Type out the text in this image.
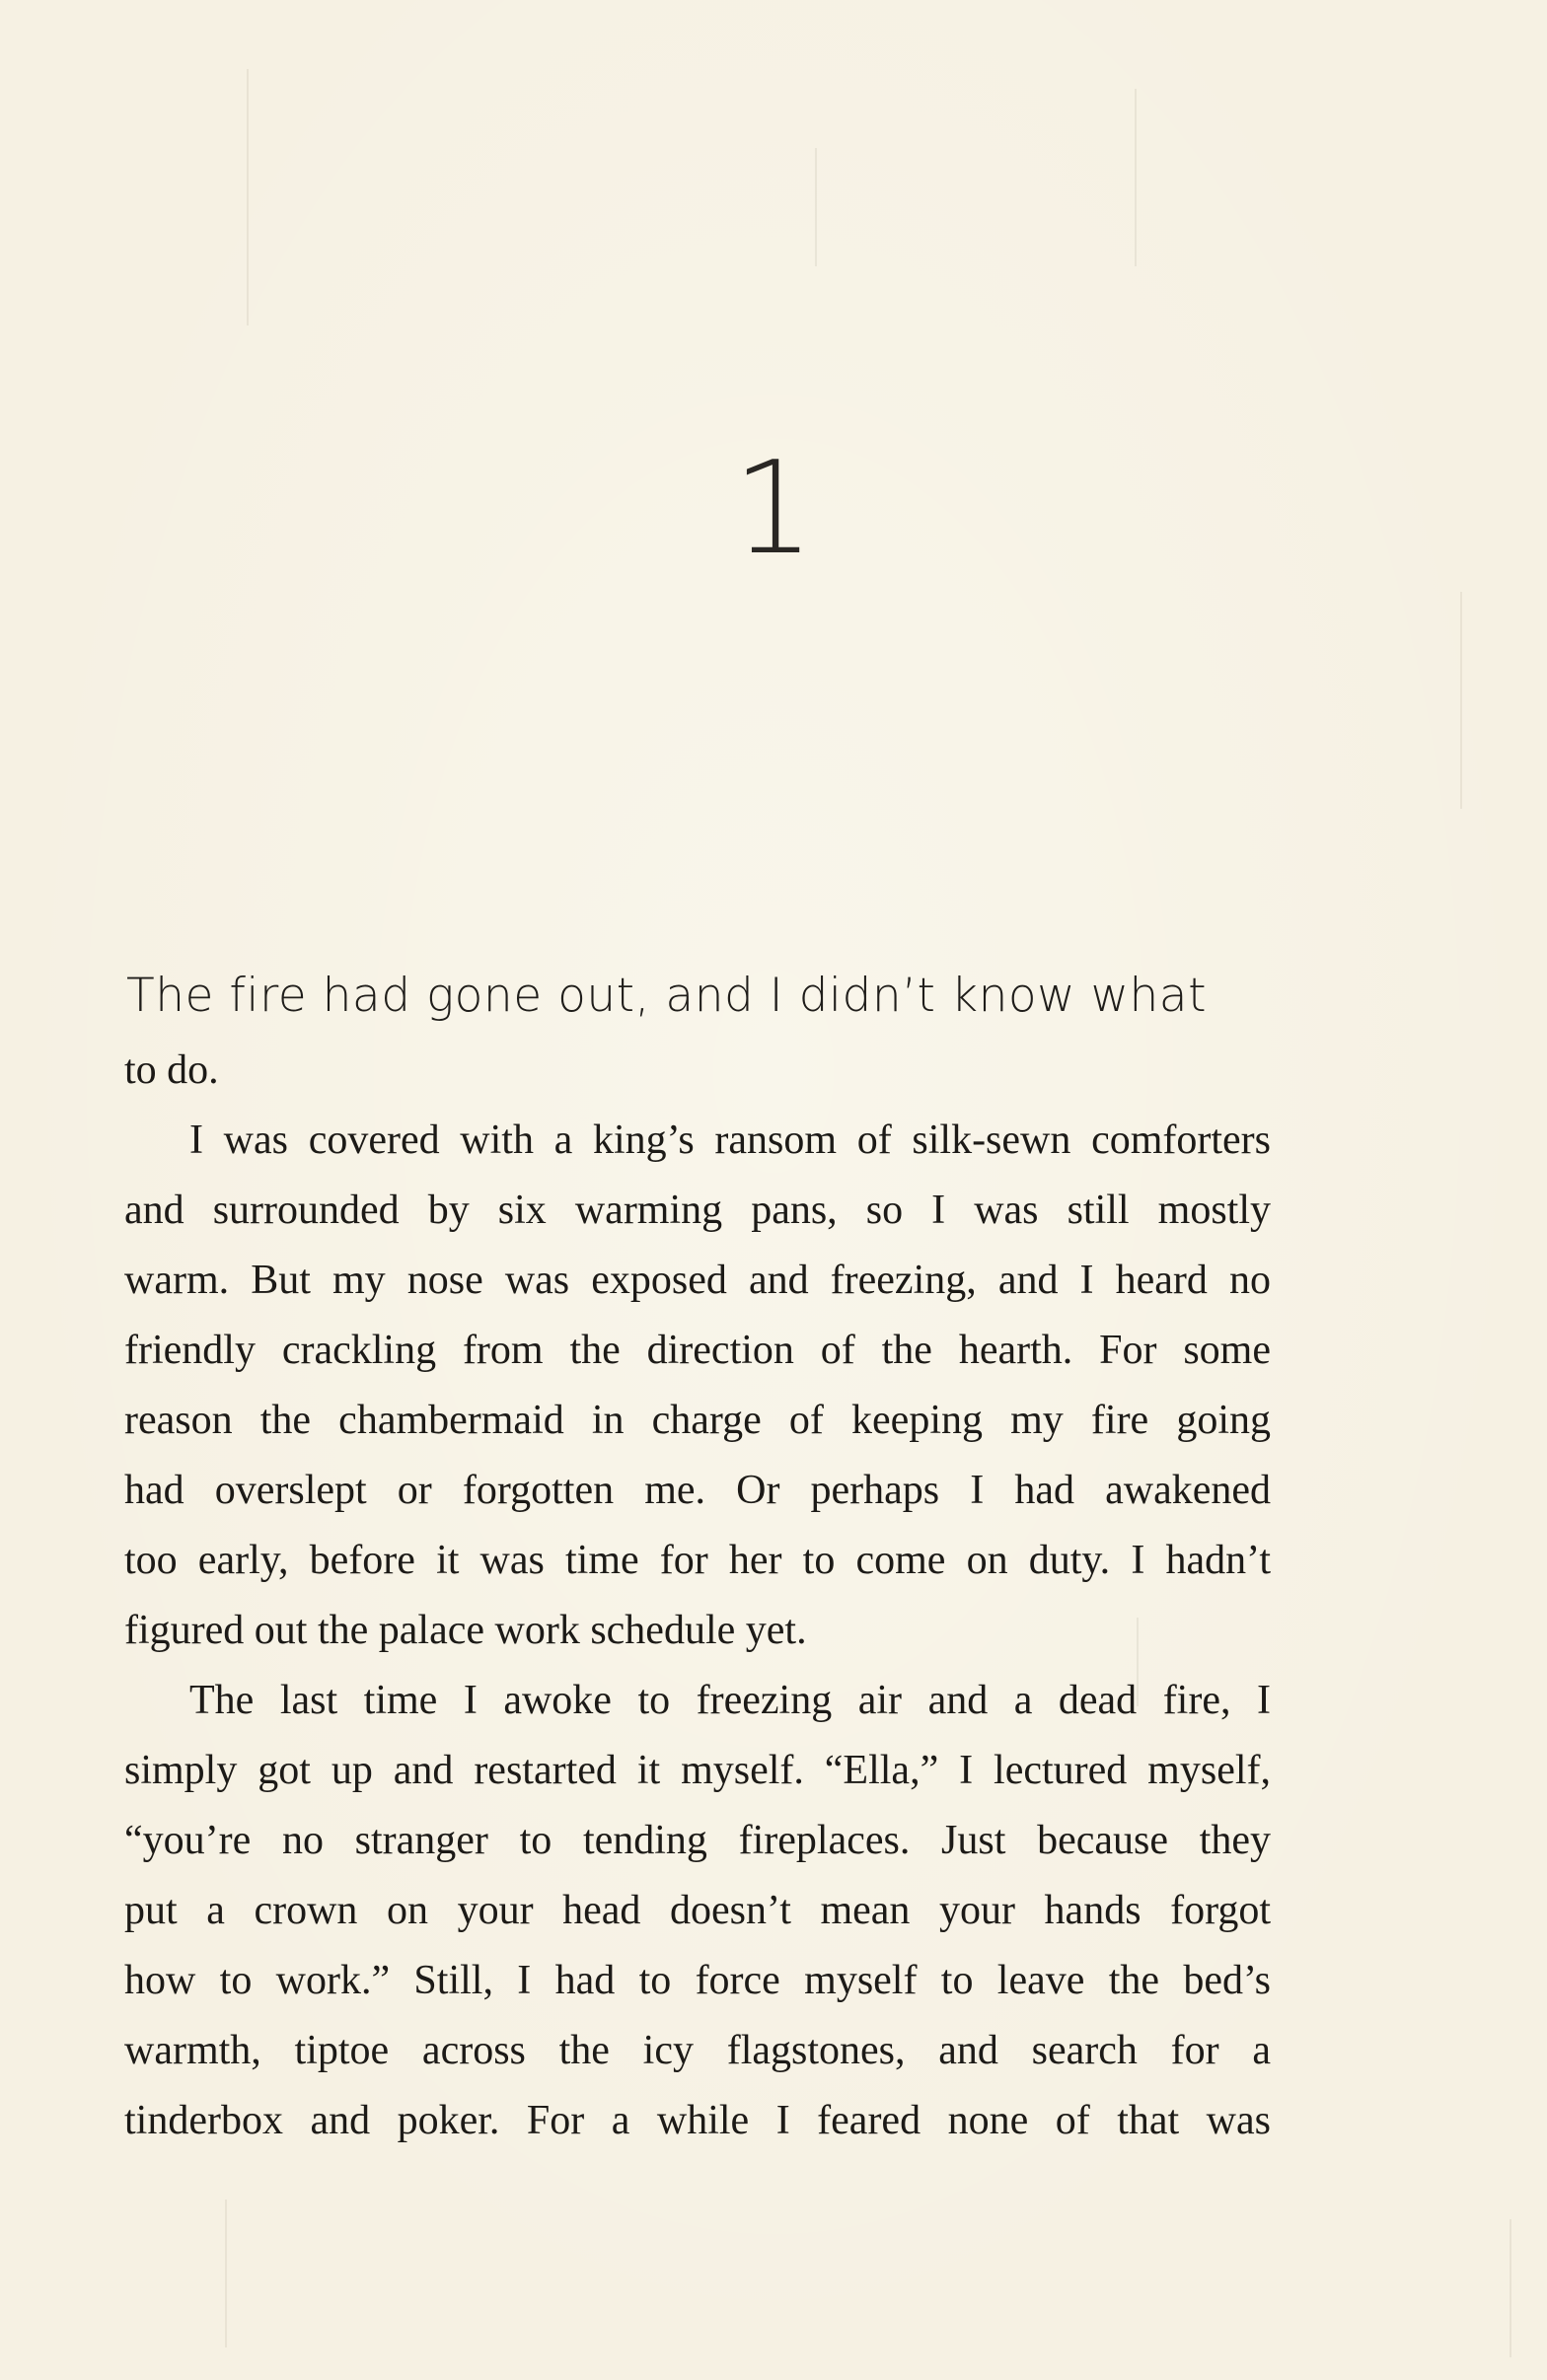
1
The fire had gone out, and I didn’t know what
to do.
I was covered with a king’s ransom of silk-sewn comforters
and surrounded by six warming pans, so I was still mostly
warm. But my nose was exposed and freezing, and I heard no
friendly crackling from the direction of the hearth. For some
reason the chambermaid in charge of keeping my fire going
had overslept or forgotten me. Or perhaps I had awakened
too early, before it was time for her to come on duty. I hadn’t
figured out the palace work schedule yet.
The last time I awoke to freezing air and a dead fire, I
simply got up and restarted it myself. “Ella,” I lectured myself,
“you’re no stranger to tending fireplaces. Just because they
put a crown on your head doesn’t mean your hands forgot
how to work.” Still, I had to force myself to leave the bed’s
warmth, tiptoe across the icy flagstones, and search for a
tinderbox and poker. For a while I feared none of that was
